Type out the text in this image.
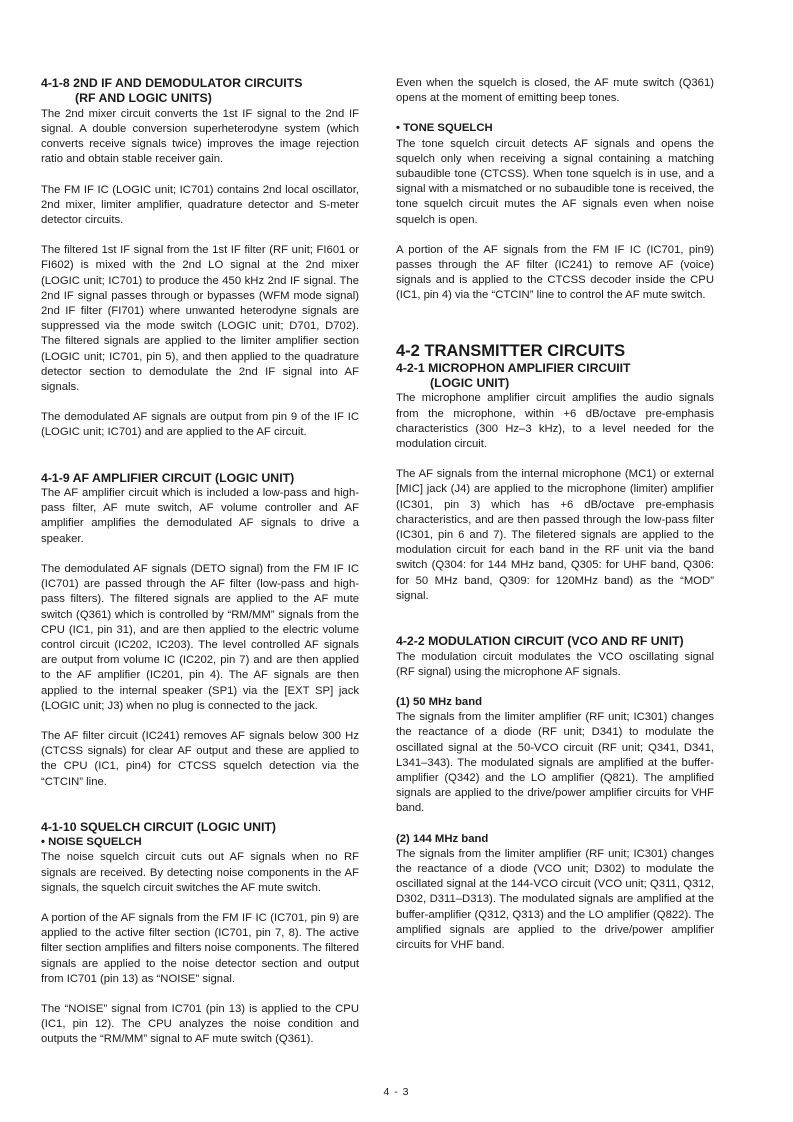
4-1-8 2ND IF AND DEMODULATOR CIRCUITS
(RF AND LOGIC UNITS)

The 2nd mixer circuit converts the 1st IF signal to the 2nd IF signal. A double conversion superheterodyne system (which converts receive signals twice) improves the image rejection ratio and obtain stable receiver gain.

The FM IF IC (LOGIC unit; IC701) contains 2nd local oscillator, 2nd mixer, limiter amplifier, quadrature detector and S-meter detector circuits.

The filtered 1st IF signal from the 1st IF filter (RF unit; FI601 or FI602) is mixed with the 2nd LO signal at the 2nd mixer (LOGIC unit; IC701) to produce the 450 kHz 2nd IF signal. The 2nd IF signal passes through or bypasses (WFM mode signal) 2nd IF filter (FI701) where unwanted heterodyne signals are suppressed via the mode switch (LOGIC unit; D701, D702). The filtered signals are applied to the limiter amplifier section (LOGIC unit; IC701, pin 5), and then applied to the quadrature detector section to demodulate the 2nd IF signal into AF signals.

The demodulated AF signals are output from pin 9 of the IF IC (LOGIC unit; IC701) and are applied to the AF circuit.

4-1-9 AF AMPLIFIER CIRCUIT (LOGIC UNIT)

The AF amplifier circuit which is included a low-pass and high-pass filter, AF mute switch, AF volume controller and AF amplifier amplifies the demodulated AF signals to drive a speaker.

The demodulated AF signals (DETO signal) from the FM IF IC (IC701) are passed through the AF filter (low-pass and high-pass filters). The filtered signals are applied to the AF mute switch (Q361) which is controlled by “RM/MM” signals from the CPU (IC1, pin 31), and are then applied to the electric volume control circuit (IC202, IC203). The level controlled AF signals are output from volume IC (IC202, pin 7) and are then applied to the AF amplifier (IC201, pin 4). The AF signals are then applied to the internal speaker (SP1) via the [EXT SP] jack (LOGIC unit; J3) when no plug is connected to the jack.

The AF filter circuit (IC241) removes AF signals below 300 Hz (CTCSS signals) for clear AF output and these are applied to the CPU (IC1, pin4) for CTCSS squelch detection via the “CTCIN” line.

4-1-10 SQUELCH CIRCUIT (LOGIC UNIT)
• NOISE SQUELCH

The noise squelch circuit cuts out AF signals when no RF signals are received. By detecting noise components in the AF signals, the squelch circuit switches the AF mute switch.

A portion of the AF signals from the FM IF IC (IC701, pin 9) are applied to the active filter section (IC701, pin 7, 8). The active filter section amplifies and filters noise components. The filtered signals are applied to the noise detector section and output from IC701 (pin 13) as “NOISE” signal.

The “NOISE” signal from IC701 (pin 13) is applied to the CPU (IC1, pin 12). The CPU analyzes the noise condition and outputs the “RM/MM” signal to AF mute switch (Q361).

Even when the squelch is closed, the AF mute switch (Q361) opens at the moment of emitting beep tones.

• TONE SQUELCH

The tone squelch circuit detects AF signals and opens the squelch only when receiving a signal containing a matching subaudible tone (CTCSS). When tone squelch is in use, and a signal with a mismatched or no subaudible tone is received, the tone squelch circuit mutes the AF signals even when noise squelch is open.

A portion of the AF signals from the FM IF IC (IC701, pin9) passes through the AF filter (IC241) to remove AF (voice) signals and is applied to the CTCSS decoder inside the CPU (IC1, pin 4) via the “CTCIN” line to control the AF mute switch.

4-2 TRANSMITTER CIRCUITS
4-2-1 MICROPHON AMPLIFIER CIRCUIIT
(LOGIC UNIT)

The microphone amplifier circuit amplifies the audio signals from the microphone, within +6 dB/octave pre-emphasis characteristics (300 Hz–3 kHz), to a level needed for the modulation circuit.

The AF signals from the internal microphone (MC1) or external [MIC] jack (J4) are applied to the microphone (limiter) amplifier (IC301, pin 3) which has +6 dB/octave pre-emphasis characteristics, and are then passed through the low-pass filter (IC301, pin 6 and 7). The filetered signals are applied to the modulation circuit for each band in the RF unit via the band switch (Q304: for 144 MHz band, Q305: for UHF band, Q306: for 50 MHz band, Q309: for 120MHz band) as the “MOD” signal.

4-2-2 MODULATION CIRCUIT (VCO AND RF UNIT)

The modulation circuit modulates the VCO oscillating signal (RF signal) using the microphone AF signals.

(1) 50 MHz band

The signals from the limiter amplifier (RF unit; IC301) changes the reactance of a diode (RF unit; D341) to modulate the oscillated signal at the 50-VCO circuit (RF unit; Q341, D341, L341–343). The modulated signals are amplified at the buffer-amplifier (Q342) and the LO amplifier (Q821). The amplified signals are applied to the drive/power amplifier circuits for VHF band.

(2) 144 MHz band

The signals from the limiter amplifier (RF unit; IC301) changes the reactance of a diode (VCO unit; D302) to modulate the oscillated signal at the 144-VCO circuit (VCO unit; Q311, Q312, D302, D311–D313). The modulated signals are amplified at the buffer-amplifier (Q312, Q313) and the LO amplifier (Q822). The amplified signals are applied to the drive/power amplifier circuits for VHF band.

4 - 3
